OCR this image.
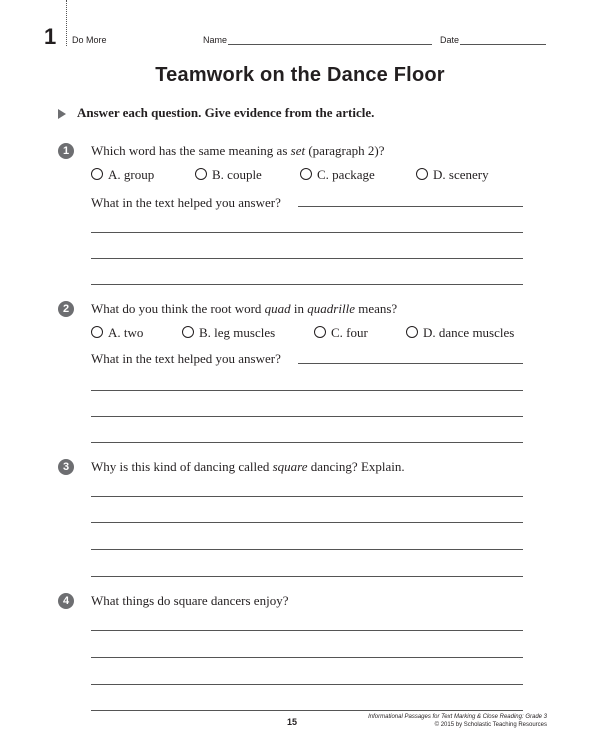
1 Do More	Name	Date
Teamwork on the Dance Floor
Answer each question. Give evidence from the article.
1	Which word has the same meaning as set (paragraph 2)?
A. group	B. couple	C. package	D. scenery
What in the text helped you answer?
2	What do you think the root word quad in quadrille means?
A. two	B. leg muscles	C. four	D. dance muscles
What in the text helped you answer?
3	Why is this kind of dancing called square dancing? Explain.
4	What things do square dancers enjoy?
15	Informational Passages for Text Marking & Close Reading: Grade 3
© 2015 by Scholastic Teaching Resources
